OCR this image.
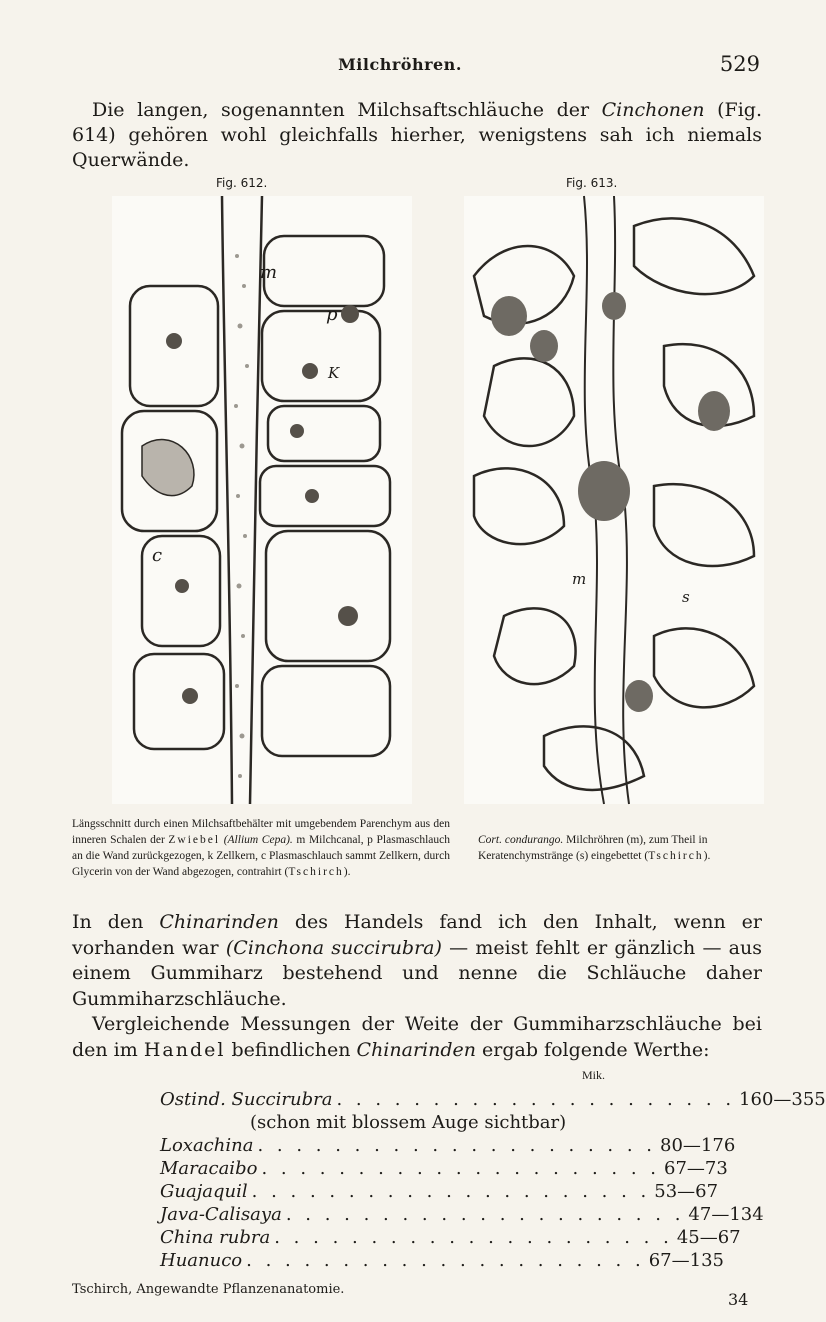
Milchröhren.	529
Die langen, sogenannten Milchsaftschläuche der Cinchonen (Fig. 614) gehören wohl gleichfalls hierher, wenigstens sah ich niemals Querwände.
Fig. 612.	Fig. 613.
m
p
K
c
m
s
Längsschnitt durch einen Milchsaftbehälter mit umgebendem Parenchym aus den inneren Schalen der Zwiebel (Allium Cepa). m Milchcanal, p Plasmaschlauch an die Wand zurückgezogen, k Zellkern, c Plasmaschlauch sammt Zellkern, durch Glycerin von der Wand abgezogen, contrahirt (Tschirch).
Cort. condurango. Milchröhren (m), zum Theil in Keratenchymstränge (s) eingebettet (Tschirch).

In den Chinarinden des Handels fand ich den Inhalt, wenn er vorhanden war (Cinchona succirubra) — meist fehlt er gänzlich — aus einem Gummiharz bestehend und nenne die Schläuche daher Gummiharzschläuche.

Vergleichende Messungen der Weite der Gummiharzschläuche bei den im Handel befindlichen Chinarinden ergab folgende Werthe:

Mik.
Ostind. Succirubra . . . . . . . . . . . . . . . . . . . . . 160—355
(schon mit blossem Auge sichtbar)
Loxachina . . . . . . . . . . . . . . . . . . . . . 80—176
Maracaibo . . . . . . . . . . . . . . . . . . . . . 67—73
Guajaquil . . . . . . . . . . . . . . . . . . . . . 53—67
Java-Calisaya . . . . . . . . . . . . . . . . . . . . . 47—134
China rubra . . . . . . . . . . . . . . . . . . . . . 45—67
Huanuco . . . . . . . . . . . . . . . . . . . . . 67—135
Tschirch, Angewandte Pflanzenanatomie.
34
